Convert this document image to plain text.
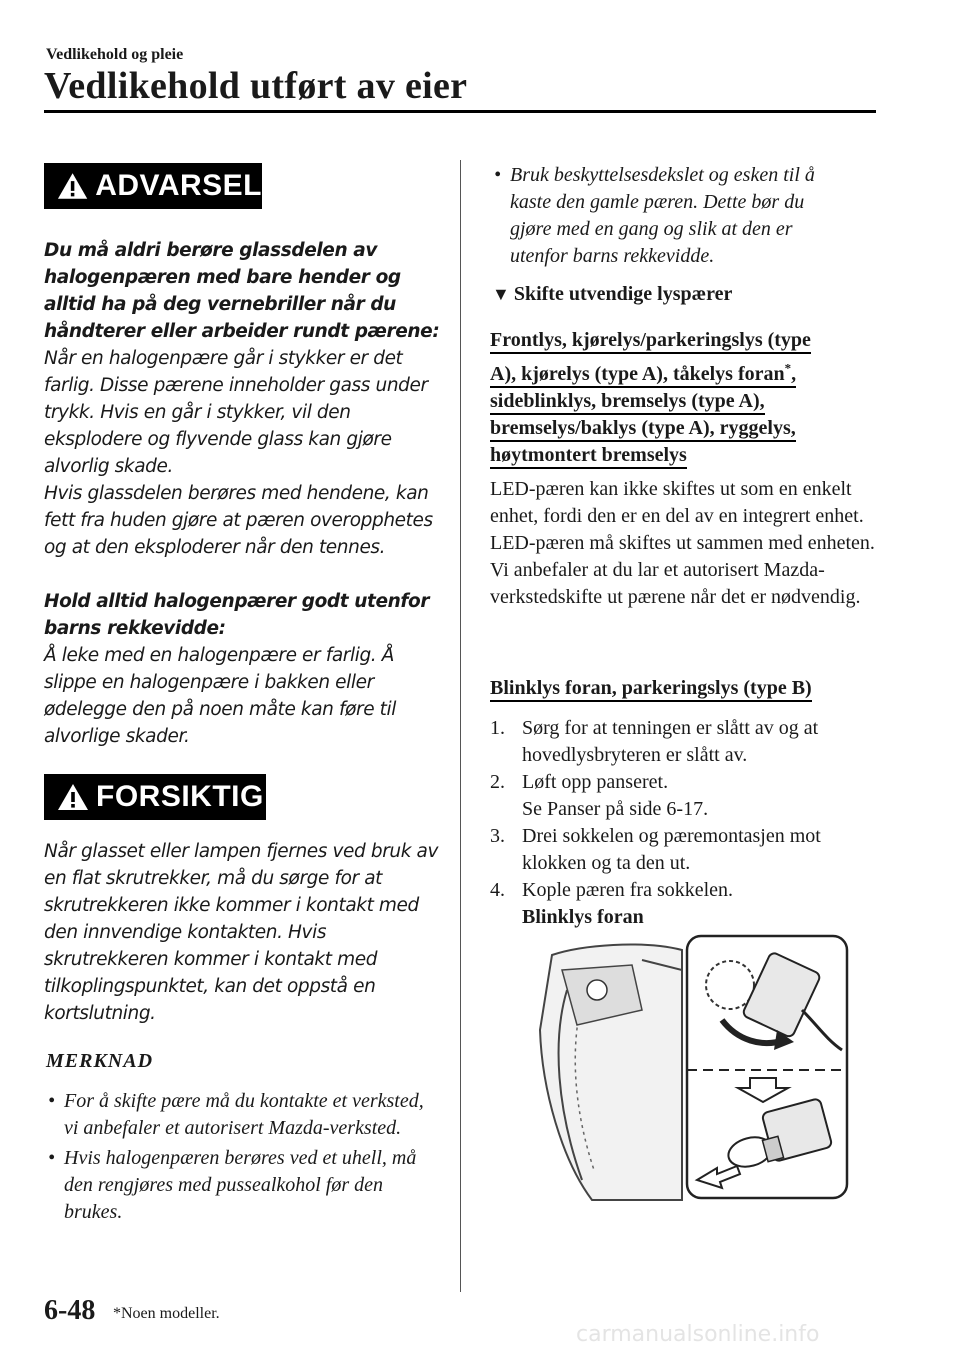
Vedlikehold og pleie
Vedlikehold utført av eier
ADVARSEL

Du må aldri berøre glassdelen av halogenpæren med bare hender og alltid ha på deg vernebriller når du håndterer eller arbeider rundt pærene:

Når en halogenpære går i stykker er det farlig. Disse pærene inneholder gass under trykk. Hvis en går i stykker, vil den eksplodere og flyvende glass kan gjøre alvorlig skade.

Hvis glassdelen berøres med hendene, kan fett fra huden gjøre at pæren overopphetes og at den eksploderer når den tennes.

Hold alltid halogenpærer godt utenfor barns rekkevidde:

Å leke med en halogenpære er farlig. Å slippe en halogenpære i bakken eller ødelegge den på noen måte kan føre til alvorlige skader.

FORSIKTIG

Når glasset eller lampen fjernes ved bruk av en flat skrutrekker, må du sørge for at skrutrekkeren ikke kommer i kontakt med den innvendige kontakten. Hvis skrutrekkeren kommer i kontakt med tilkoplingspunktet, kan det oppstå en kortslutning.

MERKNAD
• For å skifte pære må du kontakte et verksted, vi anbefaler et autorisert Mazda-verksted.
• Hvis halogenpæren berøres ved et uhell, må den rengjøres med pussealkohol før den brukes.
• Bruk beskyttelsesdekslet og esken til å kaste den gamle pæren. Dette bør du gjøre med en gang og slik at den er utenfor barns rekkevidde.
▼ Skifte utvendige lyspærer
Frontlys, kjørelys/parkeringslys (type
A), kjørelys (type A), tåkelys foran*,
sideblinklys, bremselys (type A),
bremselys/baklys (type A), ryggelys,
høytmontert bremselys
LED-pæren kan ikke skiftes ut som en enkelt enhet, fordi den er en del av en integrert enhet.
LED-pæren må skiftes ut sammen med enheten. Vi anbefaler at du lar et autorisert Mazda-verkstedskifte ut pærene når det er nødvendig.
Blinklys foran, parkeringslys (type B)
1. Sørg for at tenningen er slått av og at hovedlysbryteren er slått av.
2. Løft opp panseret.
Se Panser på side 6-17.
3. Drei sokkelen og pæremontasjen mot klokken og ta den ut.
4. Kople pæren fra sokkelen.
Blinklys foran
6-48 *Noen modeller.
carmanualsonline.info
